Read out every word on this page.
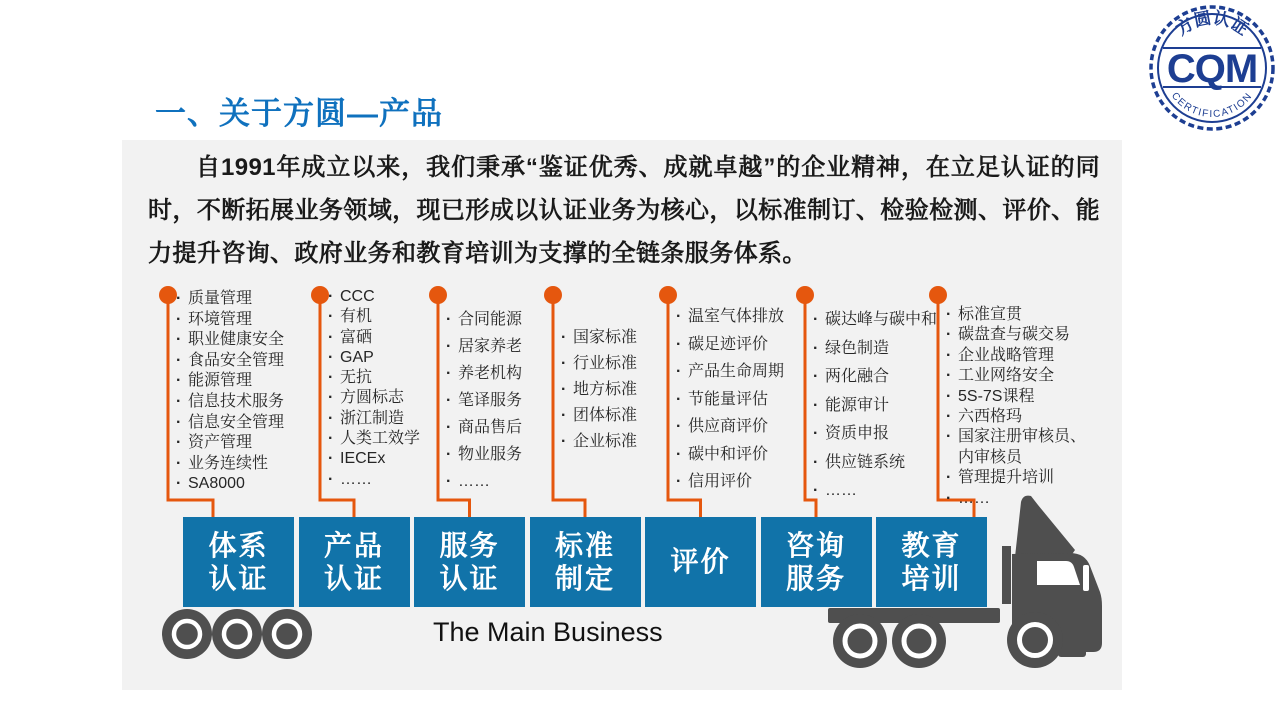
方圆认证
CQM
CERTIFICATION
一、关于方圆—产品

自1991年成立以来，我们秉承“鉴证优秀、成就卓越”的企业精神，在立足认证的同时，不断拓展业务领域，现已形成以认证业务为核心，以标准制订、检验检测、评价、能力提升咨询、政府业务和教育培训为支撑的全链条服务体系。

· 质量管理
· 环境管理
· 职业健康安全
· 食品安全管理
· 能源管理
· 信息技术服务
· 信息安全管理
· 资产管理
· 业务连续性
· SA8000
· CCC
· 有机
· 富硒
· GAP
· 无抗
· 方圆标志
· 浙江制造
· 人类工效学
· IECEx
· ……
· 合同能源
· 居家养老
· 养老机构
· 笔译服务
· 商品售后
· 物业服务
· ……
· 国家标准
· 行业标准
· 地方标准
· 团体标准
· 企业标准
· 温室气体排放
· 碳足迹评价
· 产品生命周期
· 节能量评估
· 供应商评价
· 碳中和评价
· 信用评价
· 碳达峰与碳中和
· 绿色制造
· 两化融合
· 能源审计
· 资质申报
· 供应链系统
· ……
· 标准宣贯
· 碳盘查与碳交易
· 企业战略管理
· 工业网络安全
· 5S-7S课程
· 六西格玛
· 国家注册审核员、内审核员
· 管理提升培训
· ……
体系
认证
产品
认证
服务
认证
标准
制定
评价
咨询
服务
教育
培训
The Main Business
